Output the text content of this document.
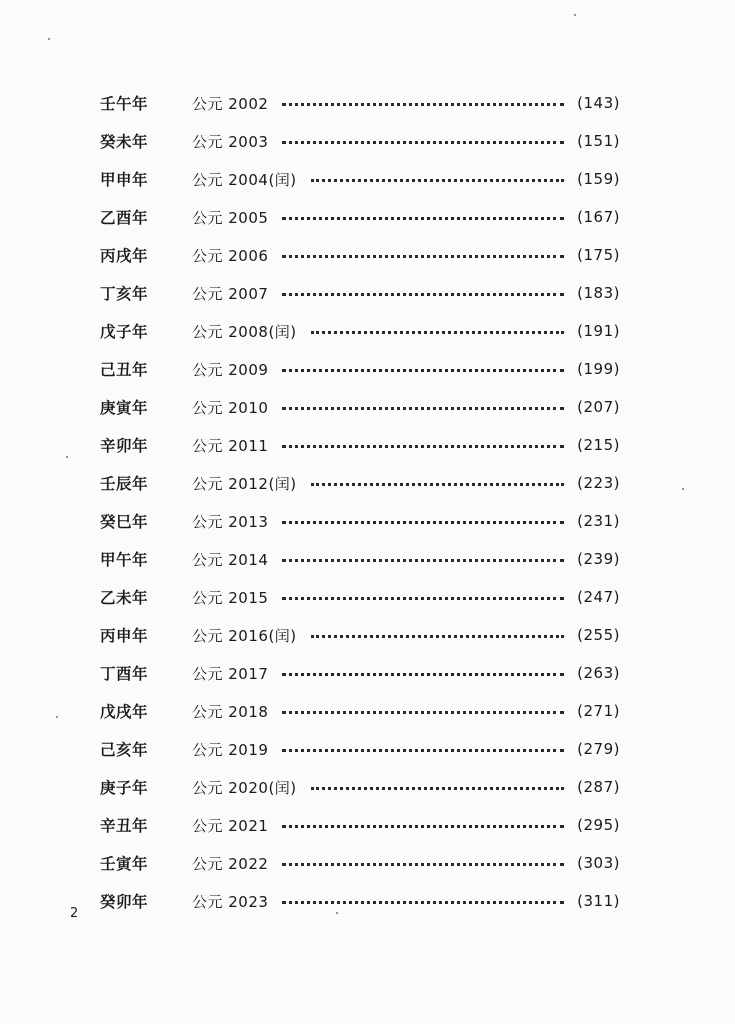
壬午年	公元 2002	(143)
癸未年	公元 2003	(151)
甲申年	公元 2004(闰)	(159)
乙酉年	公元 2005	(167)
丙戌年	公元 2006	(175)
丁亥年	公元 2007	(183)
戊子年	公元 2008(闰)	(191)
己丑年	公元 2009	(199)
庚寅年	公元 2010	(207)
辛卯年	公元 2011	(215)
壬辰年	公元 2012(闰)	(223)
癸巳年	公元 2013	(231)
甲午年	公元 2014	(239)
乙未年	公元 2015	(247)
丙申年	公元 2016(闰)	(255)
丁酉年	公元 2017	(263)
戊戌年	公元 2018	(271)
己亥年	公元 2019	(279)
庚子年	公元 2020(闰)	(287)
辛丑年	公元 2021	(295)
壬寅年	公元 2022	(303)
癸卯年	公元 2023	(311)
2
